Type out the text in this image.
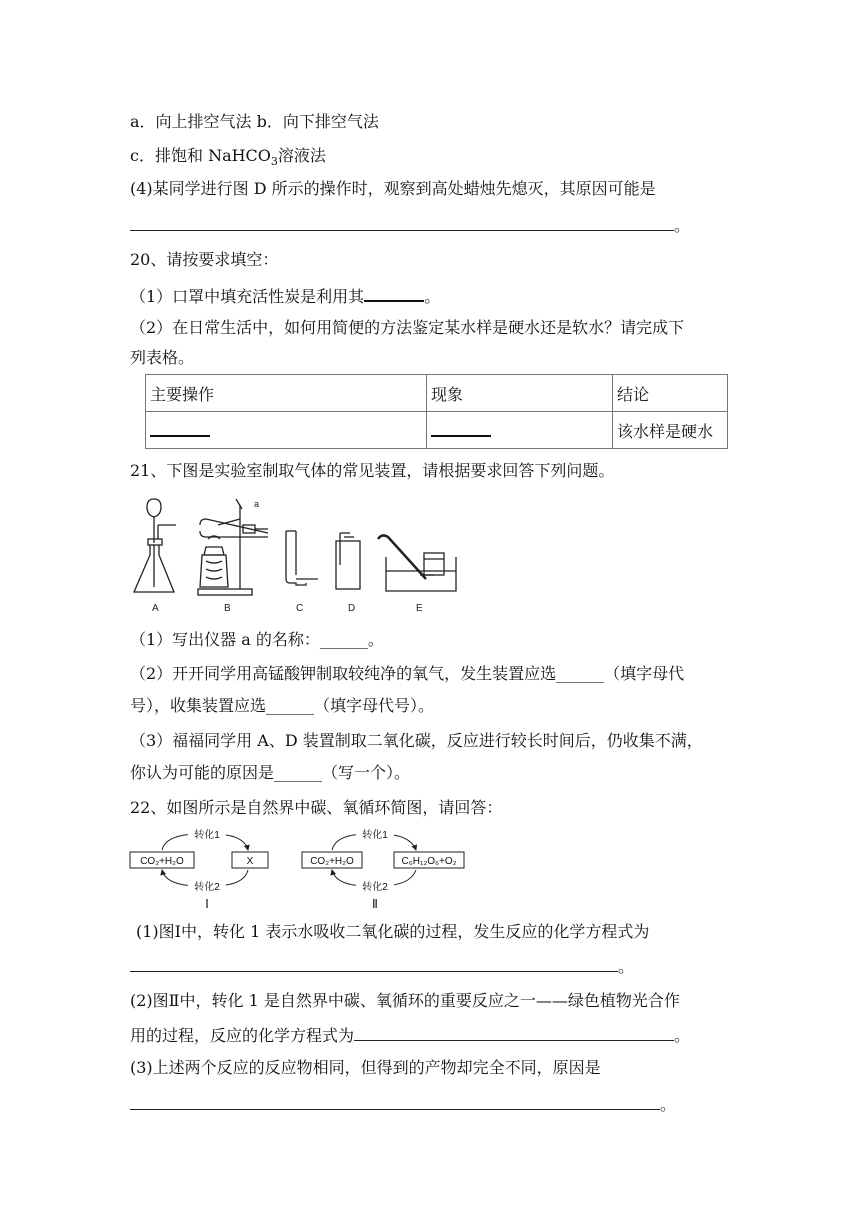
a．向上排空气法 b．向下排空气法
c．排饱和 NaHCO$_3$溶液法
(4)某同学进行图 D 所示的操作时，观察到高处蜡烛先熄灭，其原因可能是
。
20、请按要求填空：
（1）口罩中填充活性炭是利用其	。
（2）在日常生活中，如何用简便的方法鉴定某水样是硬水还是软水？请完成下
列表格。
主要操作	现象	结论
		该水样是硬水
21、下图是实验室制取气体的常见装置，请根据要求回答下列问题。
a
A	B	C	D	E
（1）写出仪器 a 的名称：______。
（2）开开同学用高锰酸钾制取较纯净的氧气，发生装置应选______（填字母代
号），收集装置应选______（填字母代号）。
（3）福福同学用 A、D 装置制取二氧化碳，反应进行较长时间后，仍收集不满，
你认为可能的原因是______（写一个）。
22、如图所示是自然界中碳、氧循环简图，请回答：
CO₂+H₂O	X
转化1
转化2
Ⅰ
CO₂+H₂O	C₆H₁₂O₆+O₂
转化1
转化2
Ⅱ
(1)图Ⅰ中，转化 1 表示水吸收二氧化碳的过程，发生反应的化学方程式为
。
(2)图Ⅱ中，转化 1 是自然界中碳、氧循环的重要反应之一——绿色植物光合作
用的过程，反应的化学方程式为	。
(3)上述两个反应的反应物相同，但得到的产物却完全不同，原因是
。
